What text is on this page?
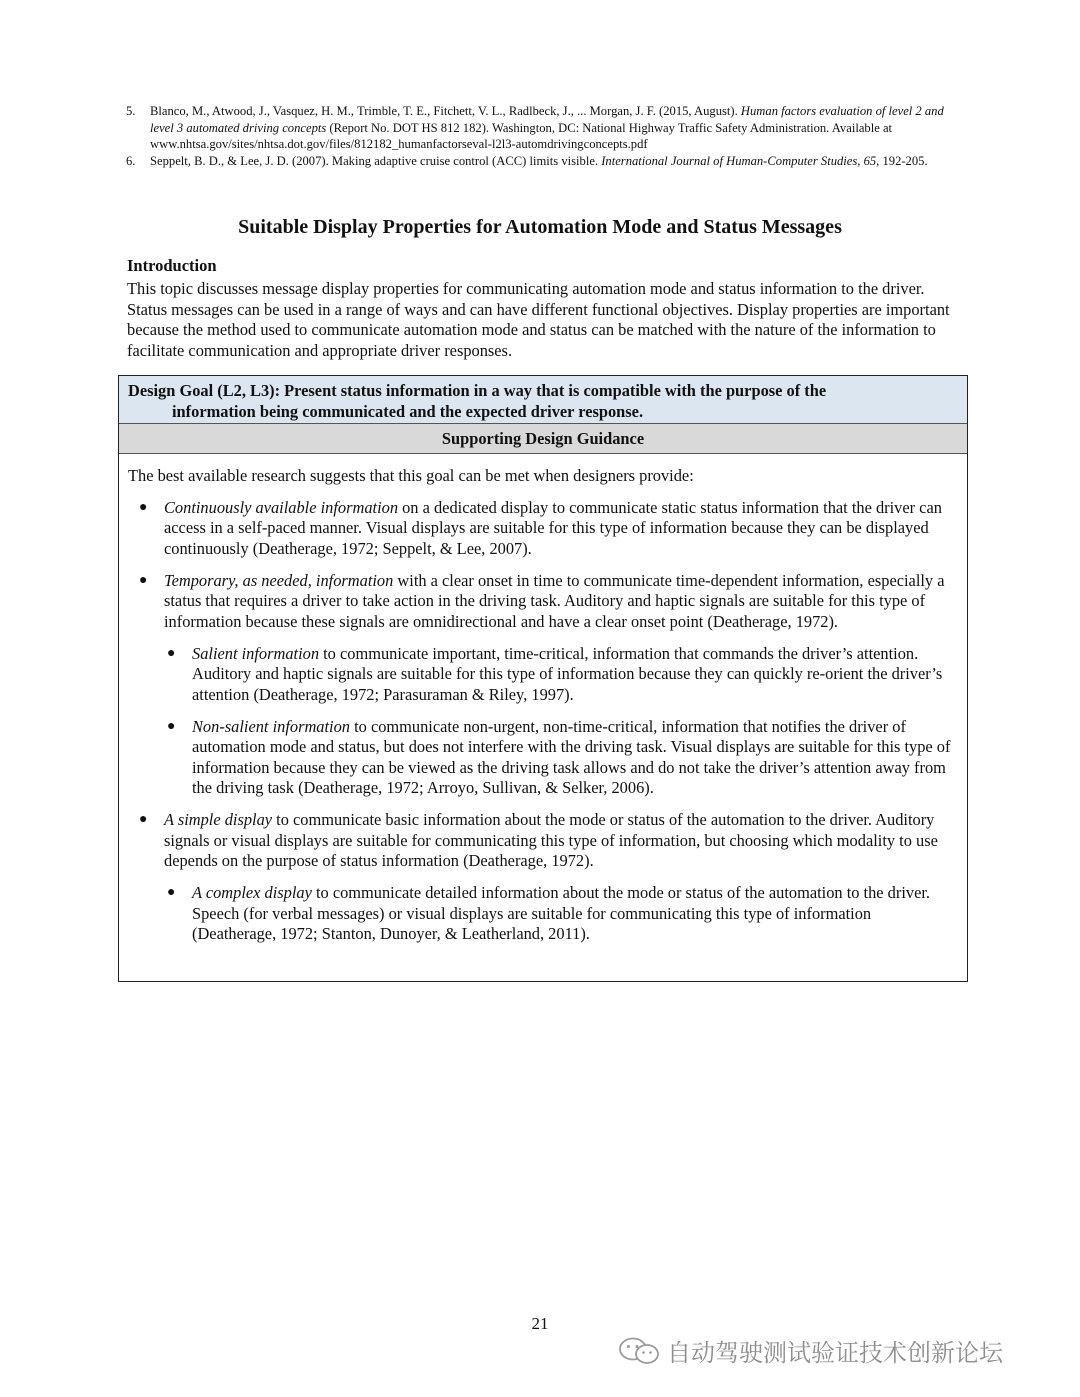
5.	Blanco, M., Atwood, J., Vasquez, H. M., Trimble, T. E., Fitchett, V. L., Radlbeck, J., ... Morgan, J. F. (2015, August). Human factors evaluation of level 2 and level 3 automated driving concepts (Report No. DOT HS 812 182). Washington, DC: National Highway Traffic Safety Administration. Available at www.nhtsa.gov/sites/nhtsa.dot.gov/files/812182_humanfactorseval-l2l3-automdrivingconcepts.pdf
6.	Seppelt, B. D., & Lee, J. D. (2007). Making adaptive cruise control (ACC) limits visible. International Journal of Human-Computer Studies, 65, 192-205.
Suitable Display Properties for Automation Mode and Status Messages
Introduction
This topic discusses message display properties for communicating automation mode and status information to the driver. Status messages can be used in a range of ways and can have different functional objectives. Display properties are important because the method used to communicate automation mode and status can be matched with the nature of the information to facilitate communication and appropriate driver responses.
Design Goal (L2, L3): Present status information in a way that is compatible with the purpose of the
information being communicated and the expected driver response.
Supporting Design Guidance
The best available research suggests that this goal can be met when designers provide:
● Continuously available information on a dedicated display to communicate static status information that the driver can access in a self-paced manner. Visual displays are suitable for this type of information because they can be displayed continuously (Deatherage, 1972; Seppelt, & Lee, 2007).
● Temporary, as needed, information with a clear onset in time to communicate time-dependent information, especially a status that requires a driver to take action in the driving task. Auditory and haptic signals are suitable for this type of information because these signals are omnidirectional and have a clear onset point (Deatherage, 1972).
● Salient information to communicate important, time-critical, information that commands the driver’s attention. Auditory and haptic signals are suitable for this type of information because they can quickly re-orient the driver’s attention (Deatherage, 1972; Parasuraman & Riley, 1997).
● Non-salient information to communicate non-urgent, non-time-critical, information that notifies the driver of automation mode and status, but does not interfere with the driving task. Visual displays are suitable for this type of information because they can be viewed as the driving task allows and do not take the driver’s attention away from the driving task (Deatherage, 1972; Arroyo, Sullivan, & Selker, 2006).
● A simple display to communicate basic information about the mode or status of the automation to the driver. Auditory signals or visual displays are suitable for communicating this type of information, but choosing which modality to use depends on the purpose of status information (Deatherage, 1972).
● A complex display to communicate detailed information about the mode or status of the automation to the driver. Speech (for verbal messages) or visual displays are suitable for communicating this type of information (Deatherage, 1972; Stanton, Dunoyer, & Leatherland, 2011).
21
自动驾驶测试验证技术创新论坛
